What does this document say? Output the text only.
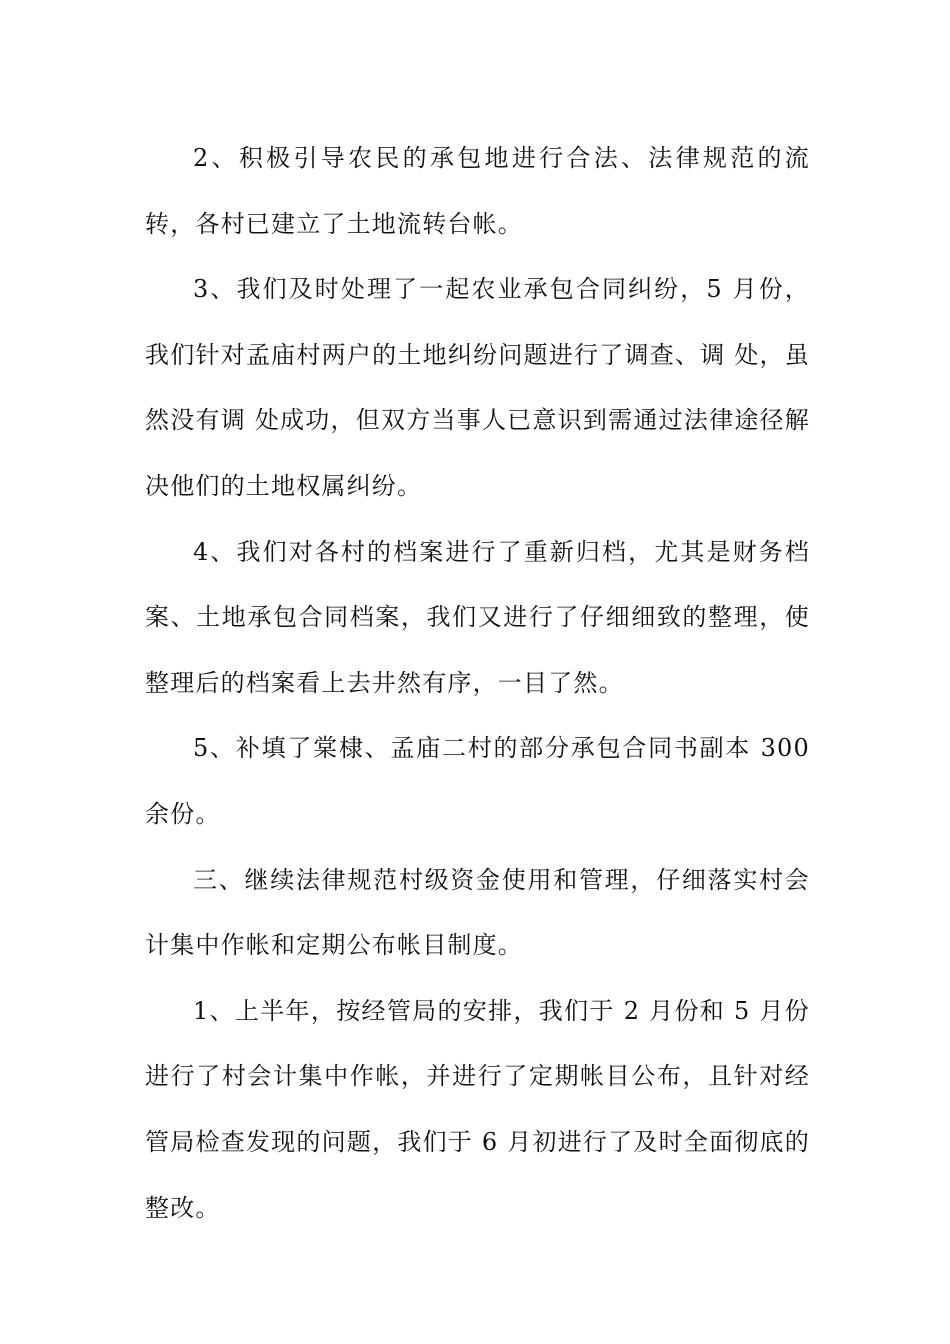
2、积极引导农民的承包地进行合法、法律规范的流转，各村已建立了土地流转台帐。

3、我们及时处理了一起农业承包合同纠纷，5 月份，我们针对孟庙村两户的土地纠纷问题进行了调查、调 处，虽然没有调 处成功，但双方当事人已意识到需通过法律途径解决他们的土地权属纠纷。

4、我们对各村的档案进行了重新归档，尤其是财务档案、土地承包合同档案，我们又进行了仔细细致的整理，使整理后的档案看上去井然有序，一目了然。

5、补填了棠棣、孟庙二村的部分承包合同书副本 300 余份。

三、继续法律规范村级资金使用和管理，仔细落实村会计集中作帐和定期公布帐目制度。

1、上半年，按经管局的安排，我们于 2 月份和 5 月份进行了村会计集中作帐，并进行了定期帐目公布，且针对经管局检查发现的问题，我们于 6 月初进行了及时全面彻底的整改。
